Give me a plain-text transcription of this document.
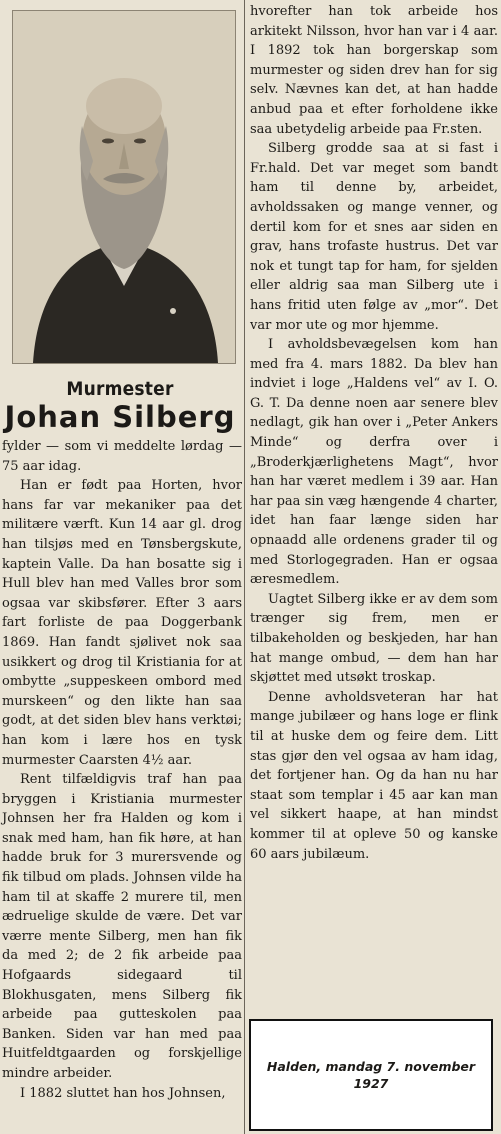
Murmester
Johan Silberg

fylder — som vi meddelte lørdag — 75 aar idag.

Han er født paa Horten, hvor hans far var mekaniker paa det militære værft. Kun 14 aar gl. drog han tilsjøs med en Tønsbergskute, kaptein Valle. Da han bosatte sig i Hull blev han med Valles bror som ogsaa var skibsfører. Efter 3 aars fart forliste de paa Doggerbank 1869. Han fandt sjølivet nok saa usikkert og drog til Kristiania for at ombytte „suppeskeen ombord med murskeen“ og den likte han saa godt, at det siden blev hans verktøi; han kom i lære hos en tysk murmester Caarsten 4½ aar.

Rent tilfældigvis traf han paa bryggen i Kristiania murmester Johnsen her fra Halden og kom i snak med ham, han fik høre, at han hadde bruk for 3 murersvende og fik tilbud om plads. Johnsen vilde ha ham til at skaffe 2 murere til, men ædruelige skulde de være. Det var værre mente Silberg, men han fik da med 2; de 2 fik arbeide paa Hofgaards sidegaard til Blokhusgaten, mens Silberg fik arbeide paa gutteskolen paa Banken. Siden var han med paa Huitfeldtgaarden og forskjellige mindre arbeider.

I 1882 sluttet han hos Johnsen,

hvorefter han tok arbeide hos arkitekt Nilsson, hvor han var i 4 aar. I 1892 tok han borgerskap som murmester og siden drev han for sig selv. Nævnes kan det, at han hadde anbud paa et efter forholdene ikke saa ubetydelig arbeide paa Fr.sten.

Silberg grodde saa at si fast i Fr.hald. Det var meget som bandt ham til denne by, arbeidet, avholdssaken og mange venner, og dertil kom for et snes aar siden en grav, hans trofaste hustrus. Det var nok et tungt tap for ham, for sjelden eller aldrig saa man Silberg ute i hans fritid uten følge av „mor“. Det var mor ute og mor hjemme.

I avholdsbevægelsen kom han med fra 4. mars 1882. Da blev han indviet i loge „Haldens vel“ av I. O. G. T. Da denne noen aar senere blev nedlagt, gik han over i „Peter Ankers Minde“ og derfra over i „Broderkjærlighetens Magt“, hvor han har været medlem i 39 aar. Han har paa sin væg hængende 4 charter, idet han faar længe siden har opnaadd alle ordenens grader til og med Storlogegraden. Han er ogsaa æresmedlem.

Uagtet Silberg ikke er av dem som trænger sig frem, men er tilbakeholden og beskjeden, har han hat mange ombud, — dem han har skjøttet med utsøkt troskap.

Denne avholdsveteran har hat mange jubilæer og hans loge er flink til at huske dem og feire dem. Litt stas gjør den vel ogsaa av ham idag, det fortjener han. Og da han nu har staat som templar i 45 aar kan man vel sikkert haape, at han mindst kommer til at opleve 50 og kanske 60 aars jubilæum.

Halden, mandag 7. november
1927
